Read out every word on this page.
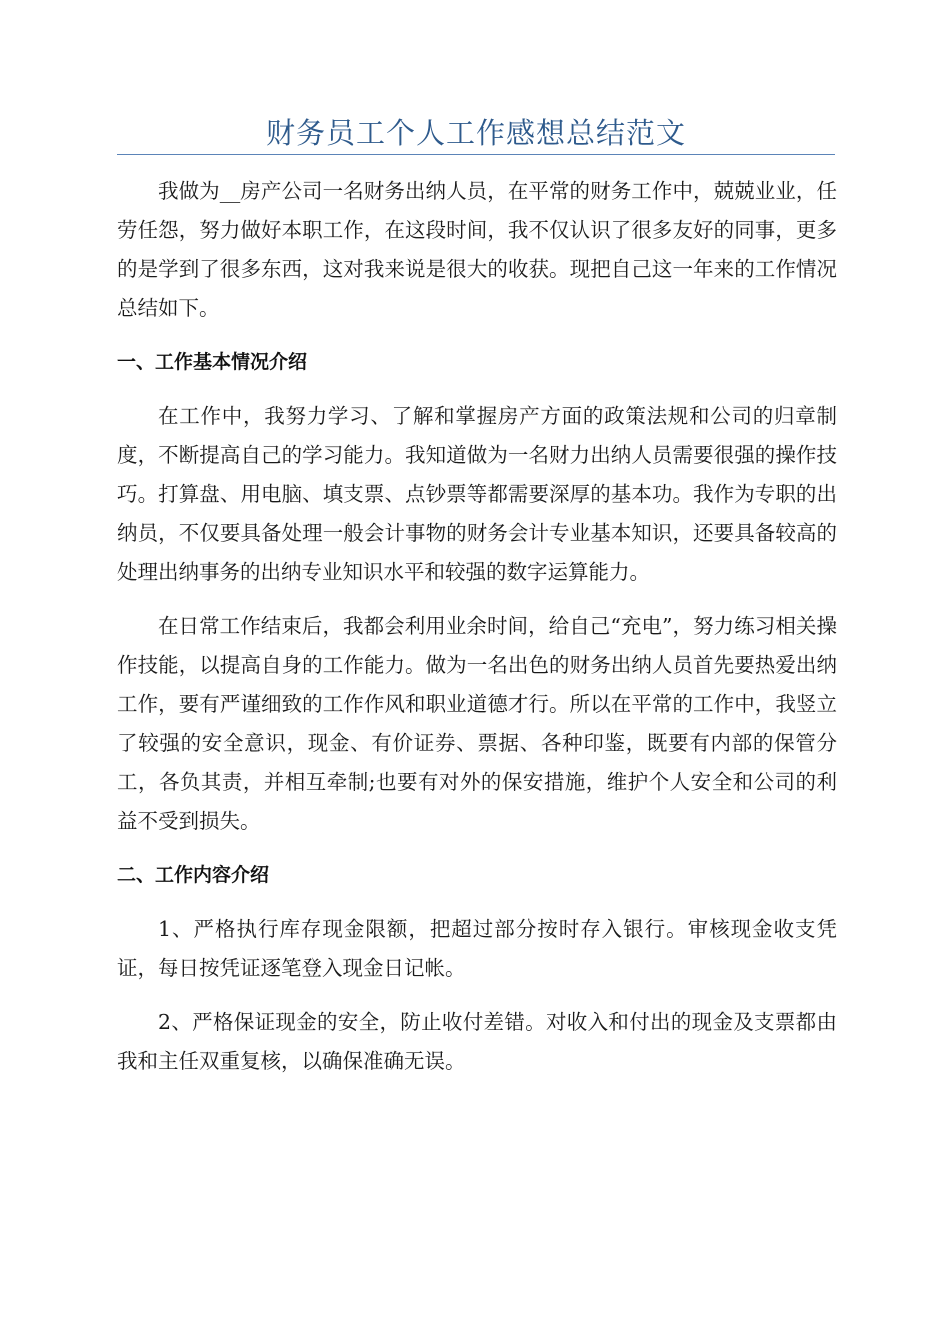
财务员工个人工作感想总结范文

我做为__房产公司一名财务出纳人员，在平常的财务工作中，兢兢业业，任劳任怨，努力做好本职工作，在这段时间，我不仅认识了很多友好的同事，更多的是学到了很多东西，这对我来说是很大的收获。现把自己这一年来的工作情况总结如下。

一、工作基本情况介绍

在工作中，我努力学习、了解和掌握房产方面的政策法规和公司的归章制度，不断提高自己的学习能力。我知道做为一名财力出纳人员需要很强的操作技巧。打算盘、用电脑、填支票、点钞票等都需要深厚的基本功。我作为专职的出纳员，不仅要具备处理一般会计事物的财务会计专业基本知识，还要具备较高的处理出纳事务的出纳专业知识水平和较强的数字运算能力。

在日常工作结束后，我都会利用业余时间，给自己“充电”，努力练习相关操作技能，以提高自身的工作能力。做为一名出色的财务出纳人员首先要热爱出纳工作，要有严谨细致的工作作风和职业道德才行。所以在平常的工作中，我竖立了较强的安全意识，现金、有价证券、票据、各种印鉴，既要有内部的保管分工，各负其责，并相互牵制;也要有对外的保安措施，维护个人安全和公司的利益不受到损失。

二、工作内容介绍

1、严格执行库存现金限额，把超过部分按时存入银行。审核现金收支凭证，每日按凭证逐笔登入现金日记帐。

2、严格保证现金的安全，防止收付差错。对收入和付出的现金及支票都由我和主任双重复核，以确保准确无误。
